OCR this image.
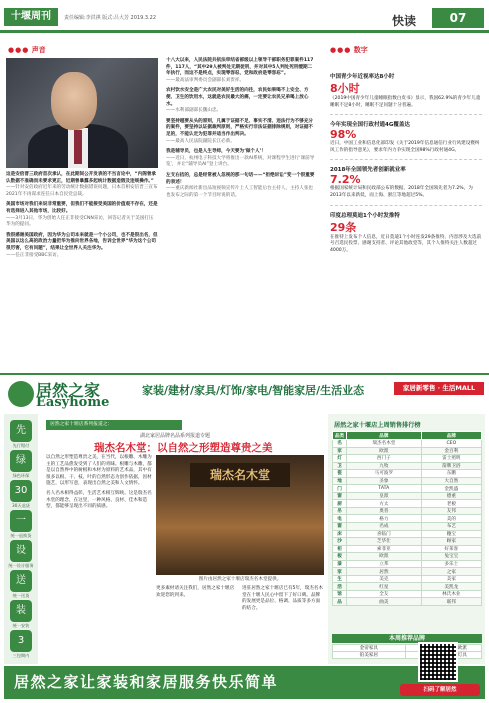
十堰周刊	责任编辑:李洪祺 版式:吕大芳 2019.3.22	快读	07
●●● 声音

这是安倍晋三政府首次承认，在此期间公开发表的不当言论中，“内阁曾承认数据不准确而未要求更正，近期曾暴露多起统计数据造假及违规操作。”

——针对安倍政府近年来的劳动统计数据错误问题，日本首相安倍晋三宣布2021年不再谋求连任日本自民党总裁。

美国市场对我们来说非常重要，但我们不能接受美国的价值观不存在，还是有选择进入其他市场，比较好。

——3月13日，华为创始人任正非接受CNN采访，回答记者关于美国打压华为的提问。

我很感谢美国政府，因为华为公司本来就是一个小公司，也不是很出名，但美国以这么高的政治力量把华为推向世界各地，告诉全世界“华为这个公司很厉害，它有问题”，结果让全世界人关注华为。

——任正非接受BBC采访。

十八大以来，人民法院共依法审结省部级以上领导干部职务犯罪案件117件，117人，“其中29人被判处无期徒刑，并对其中5人判处死刑缓期二年执行，而这不是终点，实现零容忍，党和政府是零容忍”。

——最高法审判委员会副部长刘贵祥。

农村饮水安全是广大农民对美好生活的向往，农民如果喝不上安全、方便、卫生的饮用水，这就是农民最大的痛，一定要让农民兄弟喝上放心水。

——水利部副部长魏山忠。

要坚持越要从头的原则，凡属于证据不足、事实不清、违法行为不够充分的案件，要坚持以证据裁判原则，严格实行非法证据排除规则，对证据不足的，不能认定为犯罪并适当作出判决。

——最高人民法院副院长江必新。

我是辅导员，也是人生导师，今天要为‘做个人’！

——近日，杭州电子科技大学将推出一款AI系统，对课程学生进行‘课前导览’，并让“辅导员AI”登上讲台。

左支右拮的，总是经常被人忽视的那一句话——“拒绝诉讼”变一个很重要的表述！

——重庆新闻社新出品短视频宣传片上人工智能后台主持人，主持人张也也发布之际的第一个节目时说的话。

●●● 数字
中国青少年近视率达8小时
8小时
《2019中国青少年儿童睡眠指数白皮书》显示，我国62.9%的青少年儿童睡眠不足8小时，睡眠不足问题十分普遍。
今年实现全国行政村通4G覆盖达
98%
近日，中国工业和信息化部印发《关于2019年信息通信行业行风建设暨纠风工作的指导意见》，要求年内力争实现全国98%行政村通4G。
2018年全国领先者创新就业率
7.2%
根据国家统计局和民政部公布的数据，2018年全国领先者为7.2%，为2013年以来新低，而上海、浙江等地超过5%。
印度总理莫迪1个小时发推特
29条
在推特上发布个人信息，近日莫迪1个小时连发29条推特，内容涉及大选前号召选民投票、感谢支持者、评论其他政党等，其个人推特关注人数超过4000万。
居然之家
Easyhome
家装/建材/家具/灯饰/家电/智能家居/生活业态	家居新零售 · 生活MALL
先
先行赔付
绿
绿色环保
30
30天退货
一
统一退换货
设
统一设计服务
送
统一送货
装
统一安装
3
三包期内
居然之家十堰店系列报道之：
湖北家居品牌名品系列报道专题
瑞杰名木堂：以自然之形塑造尊贵之美

以自然之形塑造尊贵之美，在当代，以根雕、木雕为主的工艺品愈发受到了人们的青睐。根雕与木雕，都是以自然界中的树根和木材为原料的艺术品，其中有很多以根、干、枝、叶的自然形态为创作依据，因材施艺，以形写意，表现出自然之美和人文情怀。

名人名木相得益彰，生活艺术相互辉映。这是瑞杰名木堂的理念，在这里，一种风格、良材、佳木和造型，都能够呈现出不同的质感。

瑞杰名木堂
图片由居然之家十堰店瑞杰名木堂提供。
更多素材请关注我们，居然之家十堰店欢迎您的到来。
进驻居然之家十堰店已有5年，瑞杰名木堂在十堰人民心中留下了好口碑。品牌的发展更是品位、格调、品质等多方面的结合。
居然之家十堰店上周销售排行榜
品类	品牌	品牌
名	瑞杰名木堂	CEO
家	欧派	金百利
灯	西门子	雷士照明
卫	九牧	箭牌卫浴
瓷	马可波罗	东鹏
地	圣象	大自然
门	TATA	金凯盛
窗	皇派	德重
厨	方太	老板
吊	奥普	友邦
电	格力	美的
窗	名成	布艺
床	喜临门	穗宝
沙	芝华仕	顾家
柜	索菲亚	好莱客
板	欧派	兔宝宝
漆	立邦	多乐士
家	居然	之家
生	美克	美家
活	红星	美凯龙
馆	全友	林氏木业
品	曲美	联邦
本周推荐品牌
金帝家具		欧派
铂美家居		灯具
居然之家让家装和家居服务快乐简单	扫码了解居然
